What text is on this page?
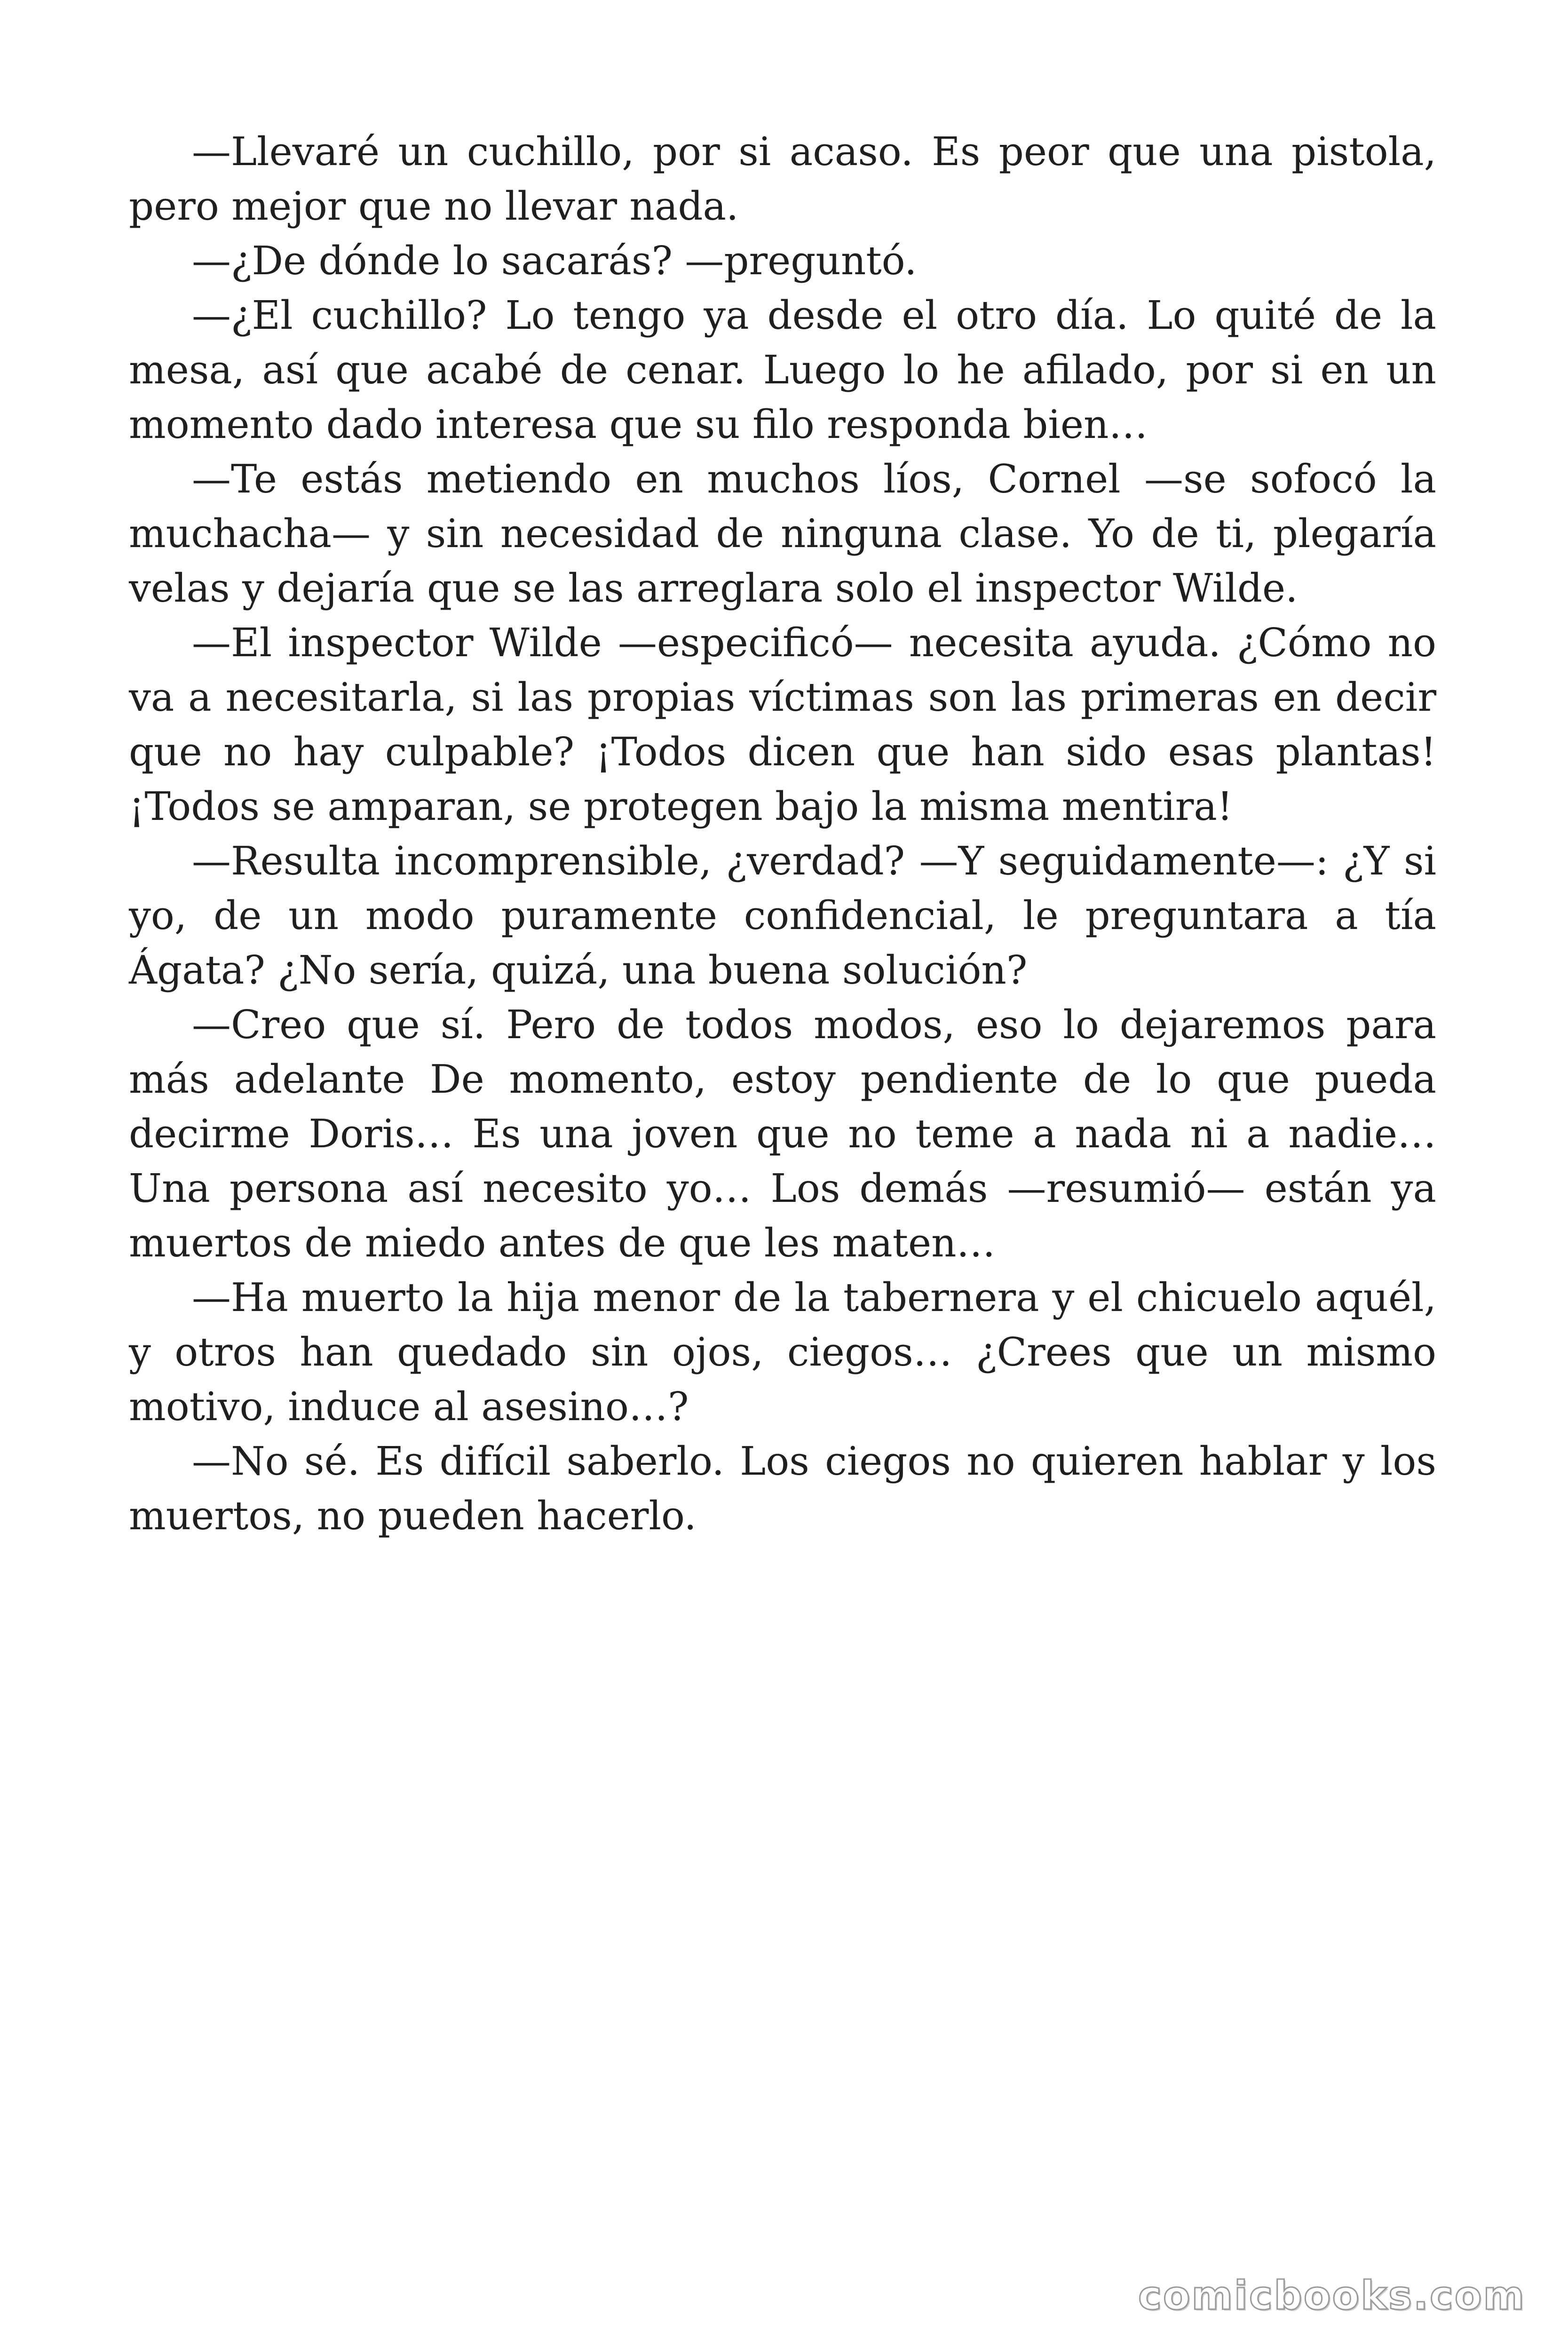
—Llevaré un cuchillo, por si acaso. Es peor que una pistola, pero mejor que no llevar nada.

—¿De dónde lo sacarás? —preguntó.

—¿El cuchillo? Lo tengo ya desde el otro día. Lo quité de la mesa, así que acabé de cenar. Luego lo he afilado, por si en un momento dado interesa que su filo responda bien…

—Te estás metiendo en muchos líos, Cornel —se sofocó la muchacha— y sin necesidad de ninguna clase. Yo de ti, plegaría velas y dejaría que se las arreglara solo el inspector Wilde.

—El inspector Wilde —especificó— necesita ayuda. ¿Cómo no va a necesitarla, si las propias víctimas son las primeras en decir que no hay culpable? ¡Todos dicen que han sido esas plantas! ¡Todos se amparan, se protegen bajo la misma mentira!

—Resulta incomprensible, ¿verdad? —Y seguidamente—: ¿Y si yo, de un modo puramente confidencial, le preguntara a tía Ágata? ¿No sería, quizá, una buena solución?

—Creo que sí. Pero de todos modos, eso lo dejaremos para más adelante De momento, estoy pendiente de lo que pueda decirme Doris… Es una joven que no teme a nada ni a nadie… Una persona así necesito yo… Los demás —resumió— están ya muertos de miedo antes de que les maten…

—Ha muerto la hija menor de la tabernera y el chicuelo aquél, y otros han quedado sin ojos, ciegos… ¿Crees que un mismo motivo, induce al asesino…?

—No sé. Es difícil saberlo. Los ciegos no quieren hablar y los muertos, no pueden hacerlo.

comicbooks.com
